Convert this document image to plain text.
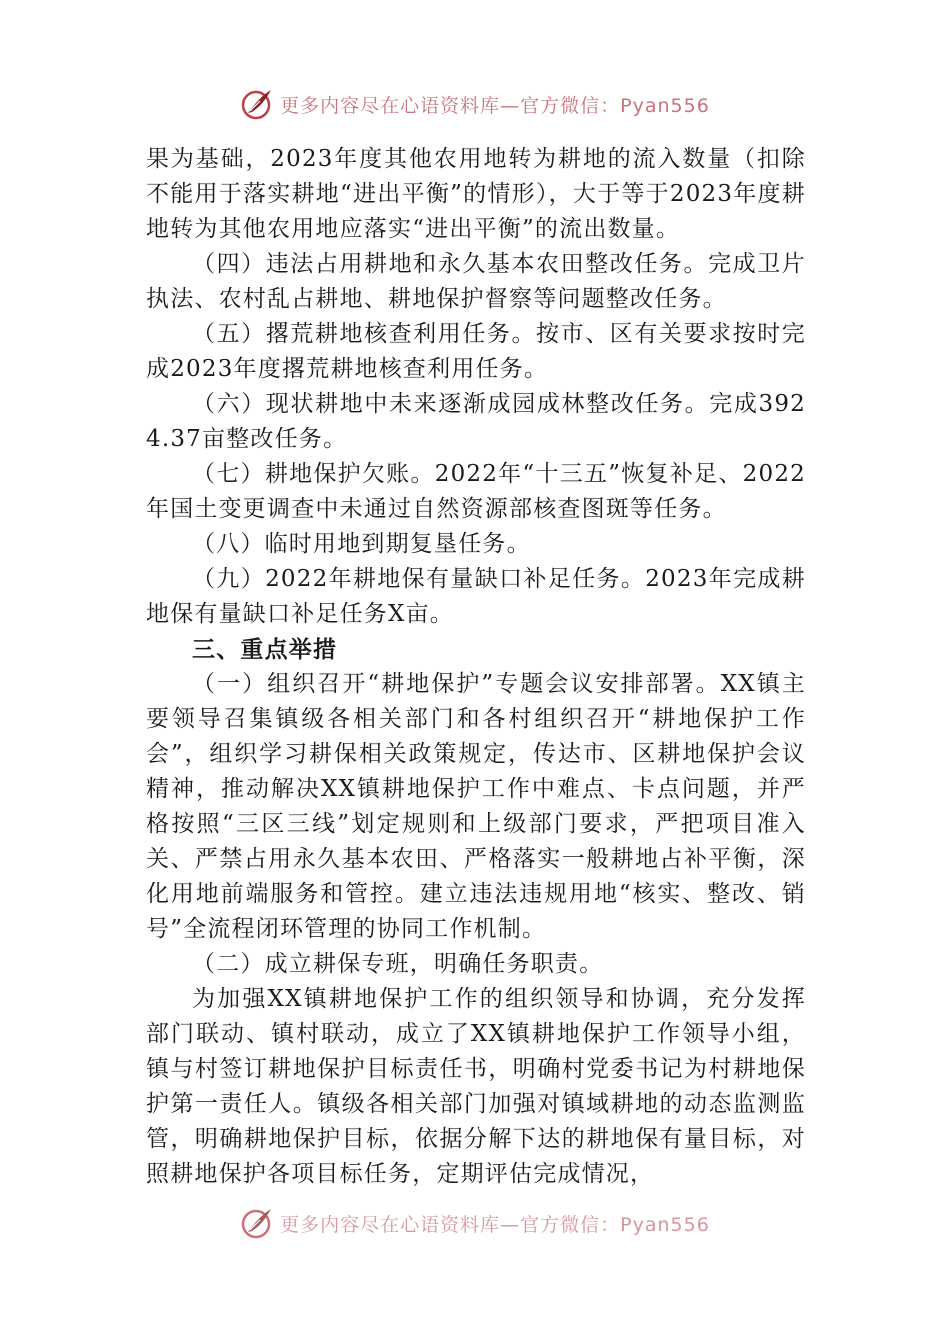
更多内容尽在心语资料库—官方微信：Pyan556

果为基础，2023年度其他农用地转为耕地的流入数量（扣除不能用于落实耕地“进出平衡”的情形），大于等于2023年度耕地转为其他农用地应落实“进出平衡”的流出数量。

（四）违法占用耕地和永久基本农田整改任务。完成卫片执法、农村乱占耕地、耕地保护督察等问题整改任务。

（五）撂荒耕地核查利用任务。按市、区有关要求按时完成2023年度撂荒耕地核查利用任务。

（六）现状耕地中未来逐渐成园成林整改任务。完成3924.37亩整改任务。

（七）耕地保护欠账。2022年“十三五”恢复补足、2022年国土变更调查中未通过自然资源部核查图斑等任务。

（八）临时用地到期复垦任务。

（九）2022年耕地保有量缺口补足任务。2023年完成耕地保有量缺口补足任务X亩。

三、重点举措

（一）组织召开“耕地保护”专题会议安排部署。XX镇主要领导召集镇级各相关部门和各村组织召开“耕地保护工作会”，组织学习耕保相关政策规定，传达市、区耕地保护会议精神，推动解决XX镇耕地保护工作中难点、卡点问题，并严格按照“三区三线”划定规则和上级部门要求，严把项目准入关、严禁占用永久基本农田、严格落实一般耕地占补平衡，深化用地前端服务和管控。建立违法违规用地“核实、整改、销号”全流程闭环管理的协同工作机制。

（二）成立耕保专班，明确任务职责。

为加强XX镇耕地保护工作的组织领导和协调，充分发挥部门联动、镇村联动，成立了XX镇耕地保护工作领导小组，镇与村签订耕地保护目标责任书，明确村党委书记为村耕地保护第一责任人。镇级各相关部门加强对镇域耕地的动态监测监管，明确耕地保护目标，依据分解下达的耕地保有量目标，对照耕地保护各项目标任务，定期评估完成情况，

更多内容尽在心语资料库—官方微信：Pyan556
